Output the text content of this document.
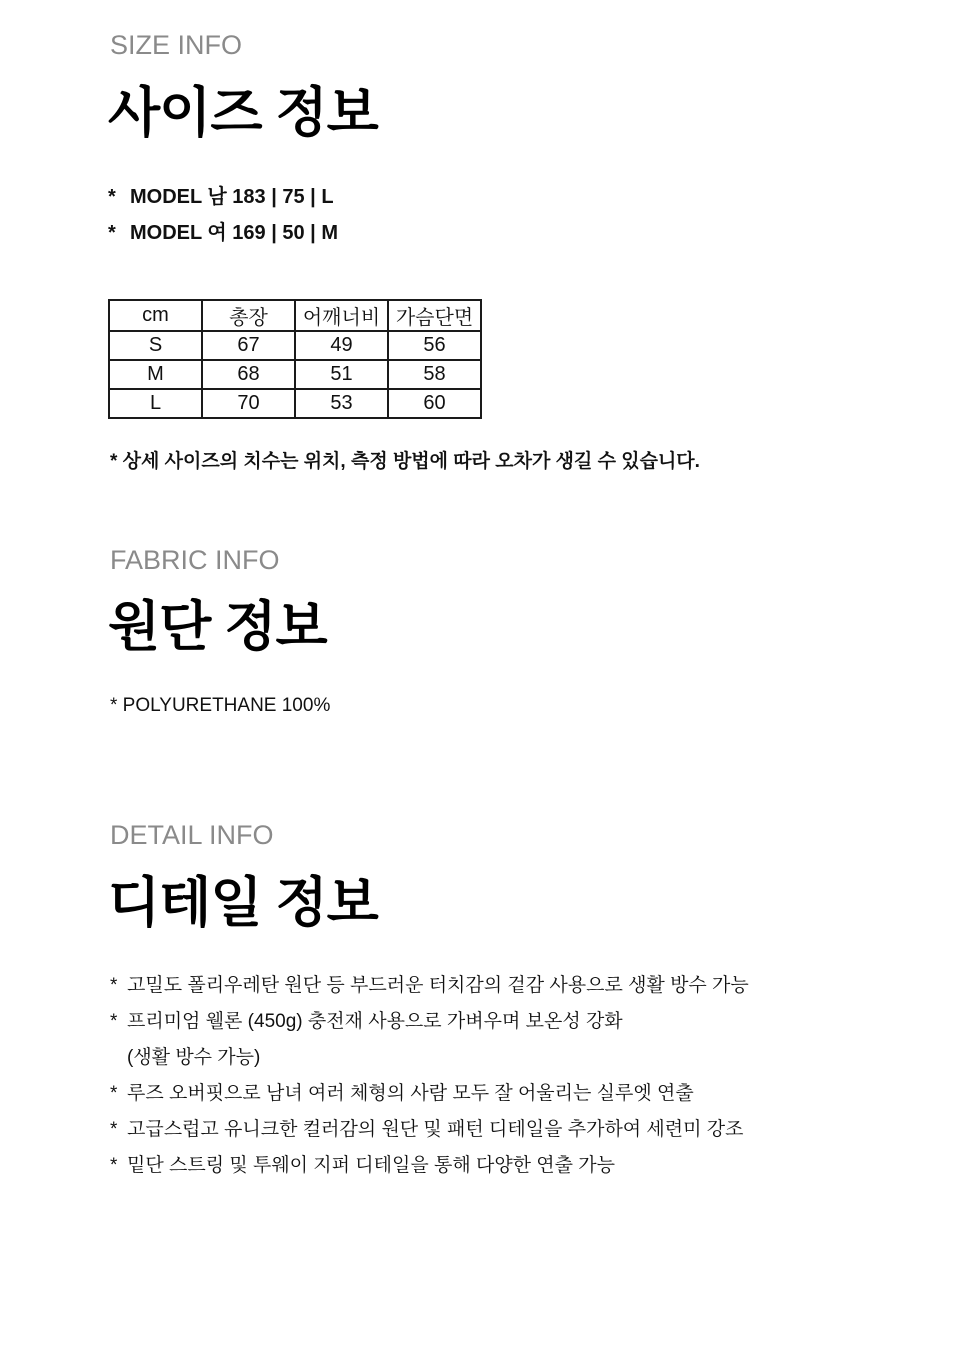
SIZE INFO
사이즈 정보
* MODEL 남 183 | 75 | L
* MODEL 여 169 | 50 | M
cm	총장	어깨너비	가슴단면
S	67	49	56
M	68	51	58
L	70	53	60
* 상세 사이즈의 치수는 위치, 측정 방법에 따라 오차가 생길 수 있습니다.
FABRIC INFO
원단 정보
* POLYURETHANE 100%
DETAIL INFO
디테일 정보
* 고밀도 폴리우레탄 원단 등 부드러운 터치감의 겉감 사용으로 생활 방수 가능
* 프리미엄 웰론 (450g) 충전재 사용으로 가벼우며 보온성 강화
(생활 방수 가능)
* 루즈 오버핏으로 남녀 여러 체형의 사람 모두 잘 어울리는 실루엣 연출
* 고급스럽고 유니크한 컬러감의 원단 및 패턴 디테일을 추가하여 세련미 강조
* 밑단 스트링 및 투웨이 지퍼 디테일을 통해 다양한 연출 가능
